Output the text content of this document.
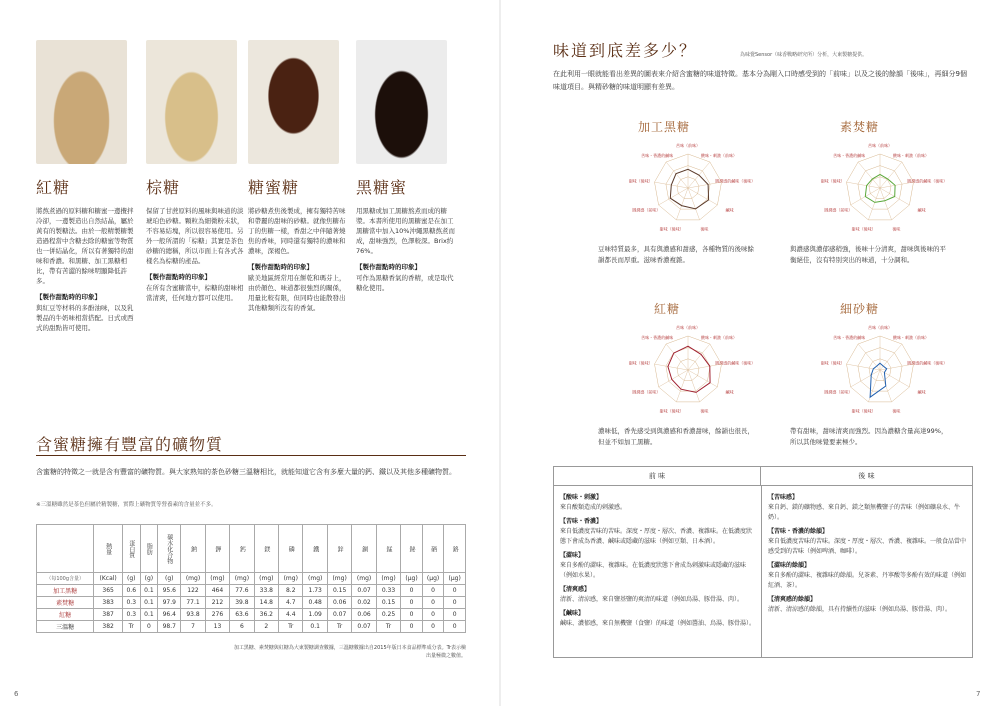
紅糖
將熬煮過的原料糖和糖蜜一邊攪拌冷卻，一邊製造出自然結晶，屬於黃有的製糖法。由於一般精製糖製造過程當中含糖去除的糖蜜等物質也一併結晶化，所以有著獨特的甜味和香濃。和黑糖、加工黑糖相比，帶有苦澀的餘味明顯降低許多。
【製作甜點時的印象】
與紅豆等材料的多酚油味，以及乳製品的牛奶味相當搭配。日式或西式的甜點皆可使用。
棕糖
保留了甘蔗原料的風味與味道的淡琥珀色砂糖。顆粒為細微粉末狀，不容易結塊，所以很容易使用。另外一般所謂的「棕糖」其實是茶色砂糖的總稱，所以市面上有各式各樣名為棕糖的產品。
【製作甜點時的印象】
在所有含蜜糖當中，棕糖的甜味相當清爽，任何地方都可以使用。
糖蜜糖
將砂糖煮焦後製成，擁有獨特苦味和帶麗的甜味的砂糖。就像焦糖布丁的焦糖一樣，香甜之中伴隨著燒焦的香味，同時還有獨特的濃味和濃味，深褐色。
【製作甜點時的印象】
歐美地區經常用在餅乾和瑪芬上，由於顏色、味道都很強烈的關係，用量比較有限，但同時也能散發出其他糖類所沒有的香氣。
黑糖蜜
用黑糖或加工黑糖熬煮而成的糖漿。本書所使用的黑糖蜜是在加工黑糖當中加入10%沖繩黑糖熬煮而成，甜味強烈，色澤較深。Brix約76%。
【製作甜點時的印象】
可作為黑糖香氣的香精，或是取代糖化使用。
含蜜糖擁有豐富的礦物質
含蜜糖的特徵之一就是含有豐富的礦物質。與大家熟知的茶色砂糖三溫糖相比，就能知道它含有多麼大量的鈣、鐵以及其他多種礦物質。
※三溫糖雖然是茶色但屬於精製糖，實際上礦物質等營養素的含量並不多。
	熱量	蛋白質	脂肪	碳水化合物	鈉	鉀	鈣	鎂	磷	鐵	鋅	銅	錳	鉍	硒	鉻
（每100g含量）	(Kcal)	(g)	(g)	(g)	(mg)	(mg)	(mg)	(mg)	(mg)	(mg)	(mg)	(mg)	(mg)	(µg)	(µg)	(µg)
加工黑糖	365	0.6	0.1	95.6	122	464	77.6	33.8	8.2	1.73	0.15	0.07	0.33	0	0	0
素焚糖	383	0.3	0.1	97.9	77.1	212	39.8	14.8	4.7	0.48	0.06	0.02	0.15	0	0	0
紅糖	387	0.3	0.1	96.4	93.8	276	63.6	36.2	4.4	1.09	0.07	0.06	0.25	0	0	0
三溫糖	382	Tr	0	98.7	7	13	6	2	Tr	0.1	Tr	0.07	Tr	0	0	0
加工黑糖、素焚糖與紅糖為大東製糖調查數據，三溫糖數據出自2015年版日本食品標準成分表。Tr表示檢出量極微之數值。
6
味道到底差多少？	為味覺Sensor（味香戰略研究所）分析，大東製糖提供。
在此利用一眼就能看出差異的圖表來介紹含蜜糖的味道特徵。基本分為剛入口時感受到的「前味」以及之後的餘韻「後味」，再細分9個味道項目。與精砂糖的味道明顯有差異。
加工黑糖
苦味（前味）
酸味・刺激（前味）
圓潤感的鹹味（後味）
鹹味
後味
甜味（後味）
圓潤感（前味）
甜味（後味）
苦味・香濃的鹹味
豆味特質最多，具有與濃感和甜感，各種物質的後味餘韻都長而厚重。滋味香濃複雜。
素焚糖
苦味（前味）
酸味・刺激（前味）
圓潤感的鹹味（後味）
鹹味
後味
甜味（後味）
圓潤感（前味）
甜味（後味）
苦味・香濃的鹹味
與濃感與濃郁感稍強，後味十分清爽，甜味與後味的平衡絕佳，沒有特別突出的味道，十分調和。
紅糖
苦味（前味）
酸味・刺激（前味）
圓潤感的鹹味（後味）
鹹味
後味
甜味（後味）
圓潤感（前味）
甜味（後味）
苦味・香濃的鹹味
濃味低，香先感受到與濃感和香濃甜味，餘韻也很長，但並不如加工黑糖。
細砂糖
苦味（前味）
酸味・刺激（前味）
圓潤感的鹹味（後味）
鹹味
後味
甜味（後味）
圓潤感（前味）
甜味（後味）
苦味・香濃的鹹味
帶有甜味，甜味清爽而強烈。因為濃糖含量高達99%，所以其他味覺要素極少。
前 味	後 味
【酸味・刺激】
來自酸類造成的刺激感。
【苦味・香濃】
來自低濃度苦味的苦味。深度・厚度・層次、香濃、複雜味。在低濃度狀態下會成為香濃、鹹味或隱藏的滋味（例如豆類、日本酒）。
【澀味】
來自多酚的澀味、複雜味。在低濃度狀態下會成為刺激味或隱藏的滋味（例如水果）。
【清爽感】
清新、清涼感，來自鹽基鹽的爽清的味道（例如鳥湯、豚骨湯、肉）。
【鹹味】
鹹味、濃郁感，來自無機鹽（食鹽）的味道（例如醬油、鳥湯、豚骨湯）。
【苦味感】
來自鈣、鎂的礦物感、來自鈣、鎂之類無機鹽子的苦味（例如礦泉水、牛奶）。
【苦味・香濃的餘韻】
來自低濃度苦味的苦味。深度・厚度・層次、香濃、複雜味。一般食品當中感受到的苦味（例如啤酒、咖啡）。
【澀味的餘韻】
來自多酚的澀味、複雜味的餘韻。兒茶素、丹寧酸等多酚有效的味道（例如紅酒、茶）。
【清爽感的餘韻】
清新、清涼感的餘韻，具有持續性的滋味（例如鳥湯、豚骨湯、肉）。
7
